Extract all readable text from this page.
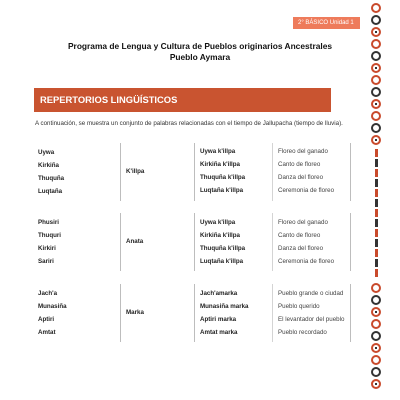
2° BÁSICO Unidad 1
Programa de Lengua y Cultura de Pueblos originarios Ancestrales
Pueblo Aymara
REPERTORIOS LINGÜÍSTICOS
A continuación, se muestra un conjunto de palabras relacionadas con el tiempo de Jallupacha (tiempo de lluvia).
Uywa
Kirkiña
Thuquña
Luqtaña
K'illpa
Uywa k'illpa
Kirkiña k'illpa
Thuquña k'illpa
Luqtaña k'illpa
Floreo del ganado
Canto de floreo
Danza del floreo
Ceremonia de floreo
Phusiri
Thuquri
Kirkiri
Sariri
Anata
Uywa k'illpa
Kirkiña k'illpa
Thuquña k'illpa
Luqtaña k'illpa
Floreo del ganado
Canto de floreo
Danza del floreo
Ceremonia de floreo
Jach'a
Munasiña
Aptiri
Amtat
Marka
Jach'amarka
Munasiña marka
Aptiri marka
Amtat marka
Pueblo grande o ciudad
Pueblo querido
El levantador del pueblo
Pueblo recordado
